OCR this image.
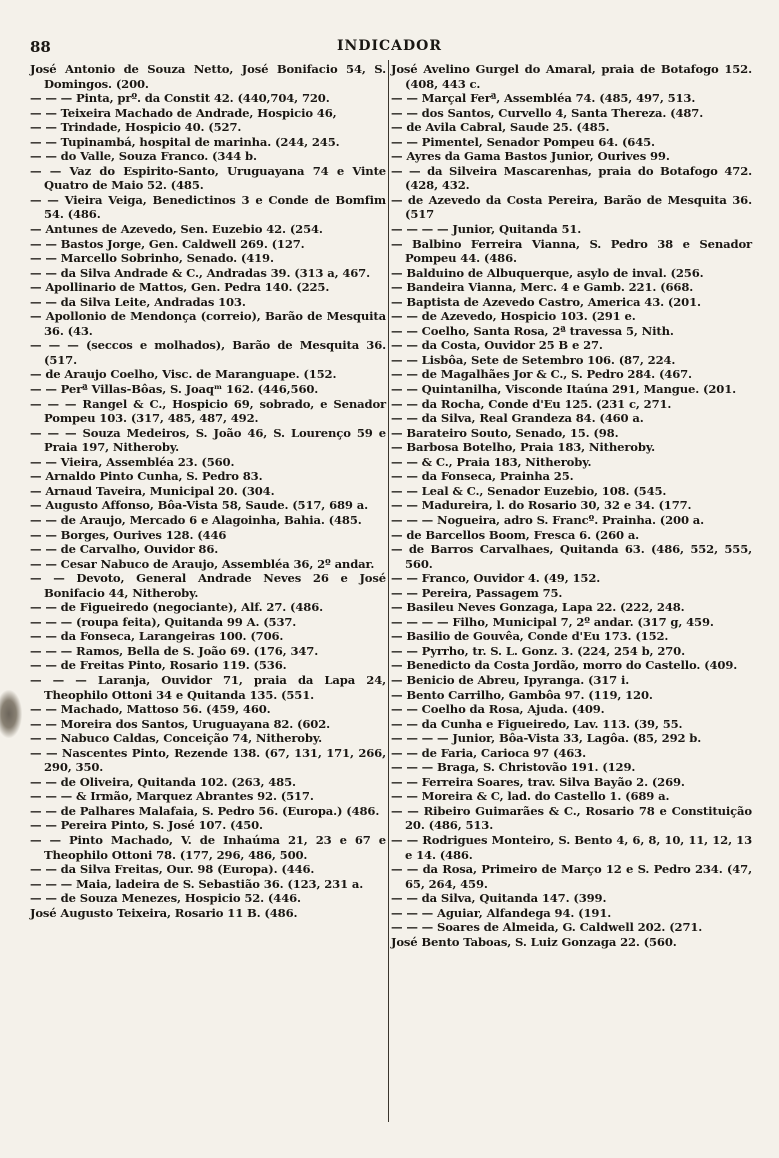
88	INDICADOR

José Antonio de Souza Netto, José Bonifacio 54, S. Domingos. (200.

— — — Pinta, prº. da Constit 42. (440,704, 720.

— — Teixeira Machado de Andrade, Hospicio 46,

— — Trindade, Hospicio 40. (527.

— — Tupinambá, hospital de marinha. (244, 245.

— — do Valle, Souza Franco. (344 b.

— — Vaz do Espirito-Santo, Uruguayana 74 e Vinte Quatro de Maio 52. (485.

— — Vieira Veiga, Benedictinos 3 e Conde de Bomfim 54. (486.

— Antunes de Azevedo, Sen. Euzebio 42. (254.

— — Bastos Jorge, Gen. Caldwell 269. (127.

— — Marcello Sobrinho, Senado. (419.

— — da Silva Andrade & C., Andradas 39. (313 a, 467.

— Apollinario de Mattos, Gen. Pedra 140. (225.

— — da Silva Leite, Andradas 103.

— Apollonio de Mendonça (correio), Barão de Mesquita 36. (43.

— — — (seccos e molhados), Barão de Mesquita 36. (517.

— de Araujo Coelho, Visc. de Maranguape. (152.

— — Perª Villas-Bôas, S. Joaqᵐ 162. (446,560.

— — — Rangel & C., Hospicio 69, sobrado, e Senador Pompeu 103. (317, 485, 487, 492.

— — — Souza Medeiros, S. João 46, S. Lourenço 59 e Praia 197, Nitheroby.

— — Vieira, Assembléa 23. (560.

— Arnaldo Pinto Cunha, S. Pedro 83.

— Arnaud Taveira, Municipal 20. (304.

— Augusto Affonso, Bôa-Vista 58, Saude. (517, 689 a.

— — de Araujo, Mercado 6 e Alagoinha, Bahia. (485.

— — Borges, Ourives 128. (446

— — de Carvalho, Ouvidor 86.

— — Cesar Nabuco de Araujo, Assembléa 36, 2º andar.

— — Devoto, General Andrade Neves 26 e José Bonifacio 44, Nitheroby.

— — de Figueiredo (negociante), Alf. 27. (486.

— — — (roupa feita), Quitanda 99 A. (537.

— — da Fonseca, Larangeiras 100. (706.

— — — Ramos, Bella de S. João 69. (176, 347.

— — de Freitas Pinto, Rosario 119. (536.

— — — Laranja, Ouvidor 71, praia da Lapa 24, Theophilo Ottoni 34 e Quitanda 135. (551.

— — Machado, Mattoso 56. (459, 460.

— — Moreira dos Santos, Uruguayana 82. (602.

— — Nabuco Caldas, Conceição 74, Nitheroby.

— — Nascentes Pinto, Rezende 138. (67, 131, 171, 266, 290, 350.

— — de Oliveira, Quitanda 102. (263, 485.

— — — & Irmão, Marquez Abrantes 92. (517.

— — de Palhares Malafaia, S. Pedro 56. (Europa.) (486.

— — Pereira Pinto, S. José 107. (450.

— — Pinto Machado, V. de Inhaúma 21, 23 e 67 e Theophilo Ottoni 78. (177, 296, 486, 500.

— — da Silva Freitas, Our. 98 (Europa). (446.

— — — Maia, ladeira de S. Sebastião 36. (123, 231 a.

— — de Souza Menezes, Hospicio 52. (446.

José Augusto Teixeira, Rosario 11 B. (486.

José Avelino Gurgel do Amaral, praia de Botafogo 152. (408, 443 c.

— — Marçal Ferª, Assembléa 74. (485, 497, 513.

— — dos Santos, Curvello 4, Santa Thereza. (487.

— de Avila Cabral, Saude 25. (485.

— — Pimentel, Senador Pompeu 64. (645.

— Ayres da Gama Bastos Junior, Ourives 99.

— — da Silveira Mascarenhas, praia do Botafogo 472. (428, 432.

— de Azevedo da Costa Pereira, Barão de Mesquita 36. (517

— — — — Junior, Quitanda 51.

— Balbino Ferreira Vianna, S. Pedro 38 e Senador Pompeu 44. (486.

— Balduino de Albuquerque, asylo de inval. (256.

— Bandeira Vianna, Merc. 4 e Gamb. 221. (668.

— Baptista de Azevedo Castro, America 43. (201.

— — de Azevedo, Hospicio 103. (291 e.

— — Coelho, Santa Rosa, 2ª travessa 5, Nith.

— — da Costa, Ouvidor 25 B e 27.

— — Lisbôa, Sete de Setembro 106. (87, 224.

— — de Magalhães Jor & C., S. Pedro 284. (467.

— — Quintanilha, Visconde Itaúna 291, Mangue. (201.

— — da Rocha, Conde d'Eu 125. (231 c, 271.

— — da Silva, Real Grandeza 84. (460 a.

— Barateiro Souto, Senado, 15. (98.

— Barbosa Botelho, Praia 183, Nitheroby.

— — & C., Praia 183, Nitheroby.

— — da Fonseca, Prainha 25.

— — Leal & C., Senador Euzebio, 108. (545.

— — Madureira, l. do Rosario 30, 32 e 34. (177.

— — — Nogueira, adro S. Francº. Prainha. (200 a.

— de Barcellos Boom, Fresca 6. (260 a.

— de Barros Carvalhaes, Quitanda 63. (486, 552, 555, 560.

— — Franco, Ouvidor 4. (49, 152.

— — Pereira, Passagem 75.

— Basileu Neves Gonzaga, Lapa 22. (222, 248.

— — — — Filho, Municipal 7, 2º andar. (317 g, 459.

— Basilio de Gouvêa, Conde d'Eu 173. (152.

— — Pyrrho, tr. S. L. Gonz. 3. (224, 254 b, 270.

— Benedicto da Costa Jordão, morro do Castello. (409.

— Benicio de Abreu, Ipyranga. (317 i.

— Bento Carrilho, Gambôa 97. (119, 120.

— — Coelho da Rosa, Ajuda. (409.

— — da Cunha e Figueiredo, Lav. 113. (39, 55.

— — — — Junior, Bôa-Vista 33, Lagôa. (85, 292 b.

— — de Faria, Carioca 97 (463.

— — — Braga, S. Christovão 191. (129.

— — Ferreira Soares, trav. Silva Bayão 2. (269.

— — Moreira & C, lad. do Castello 1. (689 a.

— — Ribeiro Guimarães & C., Rosario 78 e Constituição 20. (486, 513.

— — Rodrigues Monteiro, S. Bento 4, 6, 8, 10, 11, 12, 13 e 14. (486.

— — da Rosa, Primeiro de Março 12 e S. Pedro 234. (47, 65, 264, 459.

— — da Silva, Quitanda 147. (399.

— — — Aguiar, Alfandega 94. (191.

— — — Soares de Almeida, G. Caldwell 202. (271.

José Bento Taboas, S. Luiz Gonzaga 22. (560.
